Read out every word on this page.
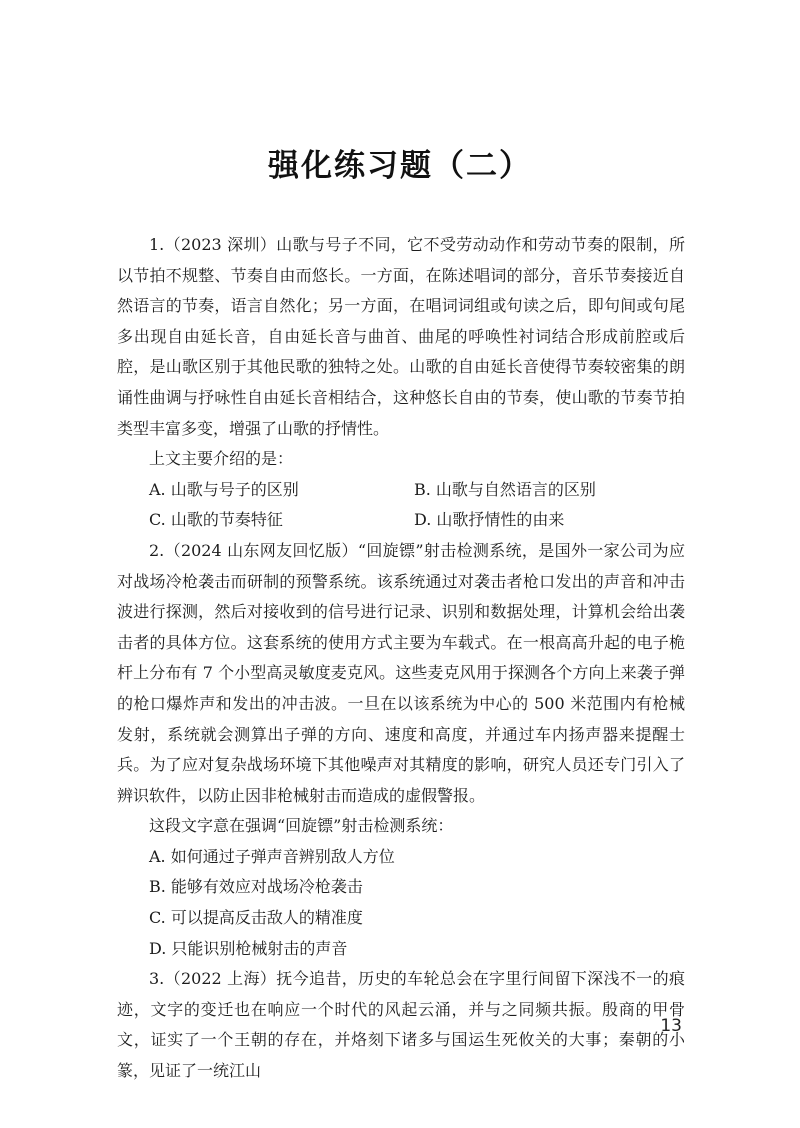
强化练习题（二）

1.（2023 深圳）山歌与号子不同，它不受劳动动作和劳动节奏的限制，所以节拍不规整、节奏自由而悠长。一方面，在陈述唱词的部分，音乐节奏接近自然语言的节奏，语言自然化；另一方面，在唱词词组或句读之后，即句间或句尾多出现自由延长音，自由延长音与曲首、曲尾的呼唤性衬词结合形成前腔或后腔，是山歌区别于其他民歌的独特之处。山歌的自由延长音使得节奏较密集的朗诵性曲调与抒咏性自由延长音相结合，这种悠长自由的节奏，使山歌的节奏节拍类型丰富多变，增强了山歌的抒情性。

上文主要介绍的是：

A. 山歌与号子的区别	B. 山歌与自然语言的区别

C. 山歌的节奏特征	D. 山歌抒情性的由来

2.（2024 山东网友回忆版）“回旋镖”射击检测系统，是国外一家公司为应对战场冷枪袭击而研制的预警系统。该系统通过对袭击者枪口发出的声音和冲击波进行探测，然后对接收到的信号进行记录、识别和数据处理，计算机会给出袭击者的具体方位。这套系统的使用方式主要为车载式。在一根高高升起的电子桅杆上分布有 7 个小型高灵敏度麦克风。这些麦克风用于探测各个方向上来袭子弹的枪口爆炸声和发出的冲击波。一旦在以该系统为中心的 500 米范围内有枪械发射，系统就会测算出子弹的方向、速度和高度，并通过车内扬声器来提醒士兵。为了应对复杂战场环境下其他噪声对其精度的影响，研究人员还专门引入了辨识软件，以防止因非枪械射击而造成的虚假警报。

这段文字意在强调“回旋镖”射击检测系统：

A. 如何通过子弹声音辨别敌人方位

B. 能够有效应对战场冷枪袭击

C. 可以提高反击敌人的精准度

D. 只能识别枪械射击的声音

3.（2022 上海）抚今追昔，历史的车轮总会在字里行间留下深浅不一的痕迹，文字的变迁也在响应一个时代的风起云涌，并与之同频共振。殷商的甲骨文，证实了一个王朝的存在，并烙刻下诸多与国运生死攸关的大事；秦朝的小篆，见证了一统江山

13
